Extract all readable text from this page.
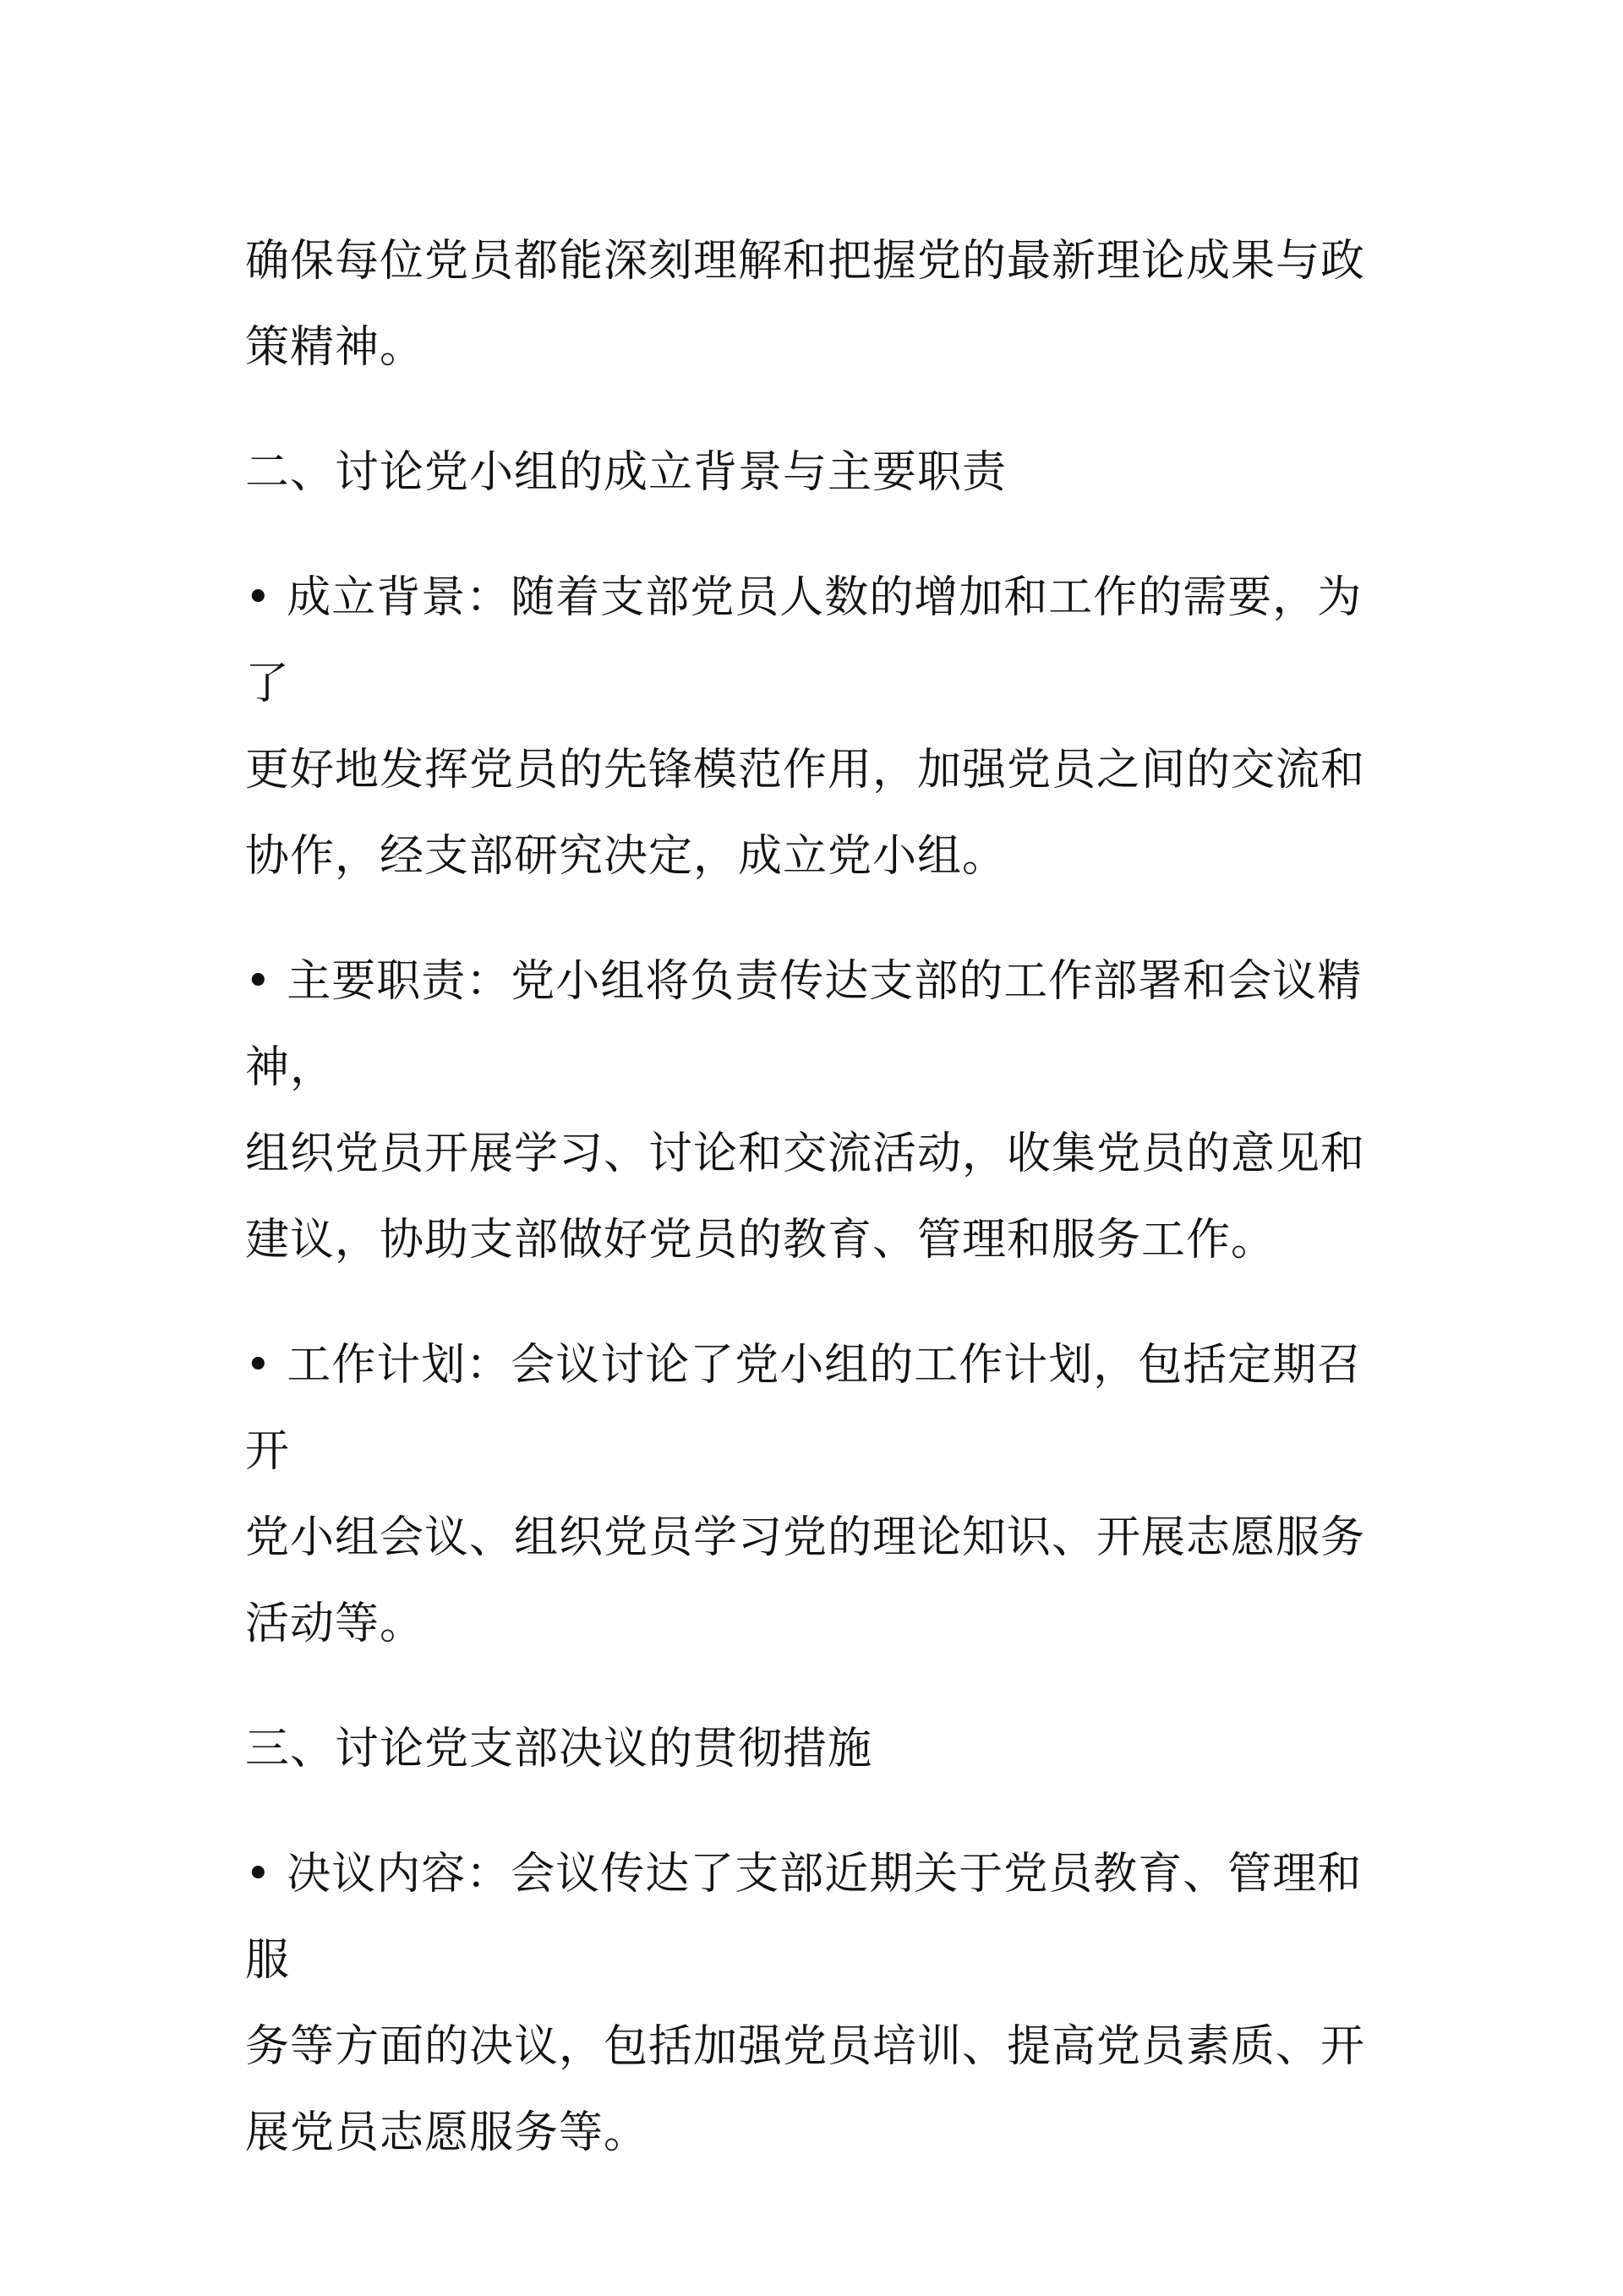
确保每位党员都能深刻理解和把握党的最新理论成果与政

策精神。

二、讨论党小组的成立背景与主要职责

• 成立背景：随着支部党员人数的增加和工作的需要，为了
更好地发挥党员的先锋模范作用，加强党员之间的交流和
协作，经支部研究决定，成立党小组。
• 主要职责：党小组将负责传达支部的工作部署和会议精神，
组织党员开展学习、讨论和交流活动，收集党员的意见和
建议，协助支部做好党员的教育、管理和服务工作。
• 工作计划：会议讨论了党小组的工作计划，包括定期召开
党小组会议、组织党员学习党的理论知识、开展志愿服务
活动等。

三、讨论党支部决议的贯彻措施

• 决议内容：会议传达了支部近期关于党员教育、管理和服
务等方面的决议，包括加强党员培训、提高党员素质、开
展党员志愿服务等。
